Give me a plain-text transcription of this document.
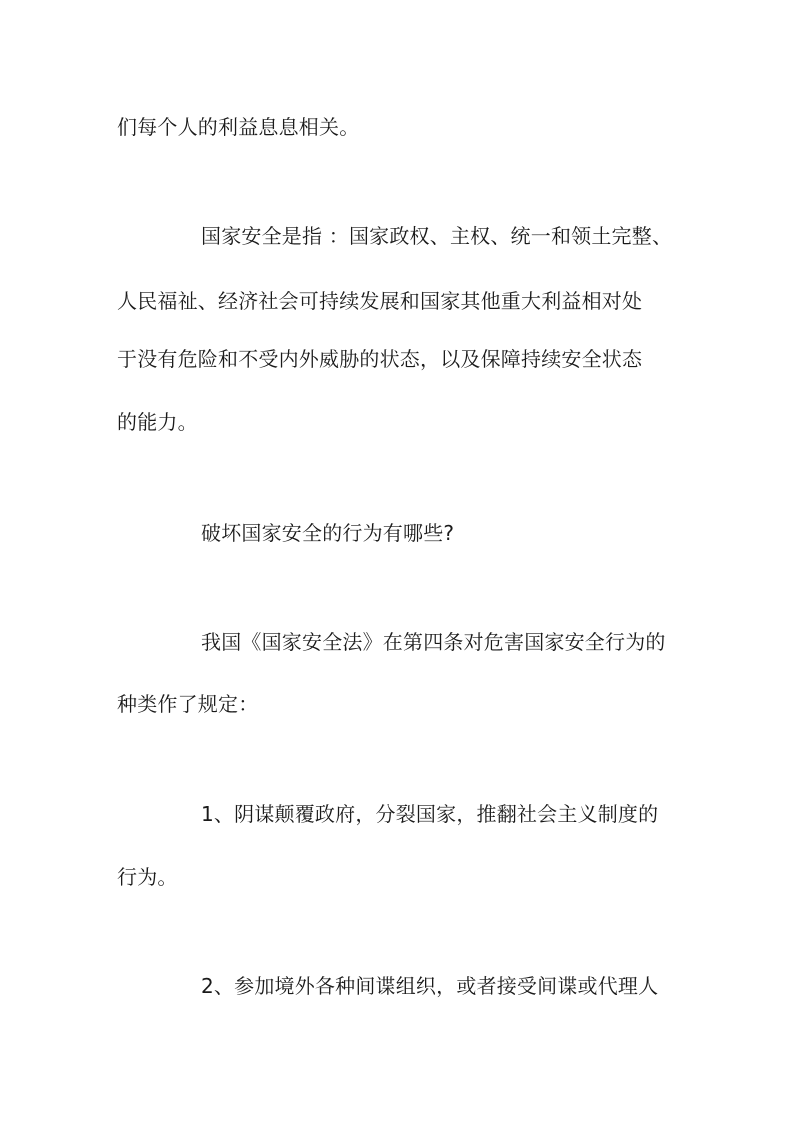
们每个人的利益息息相关。
国家安全是指 ：国家政权、主权、统一和领土完整、
人民福祉、经济社会可持续发展和国家其他重大利益相对处
于没有危险和不受内外威胁的状态，以及保障持续安全状态
的能力。
破坏国家安全的行为有哪些?
我国《国家安全法》在第四条对危害国家安全行为的
种类作了规定：
1、阴谋颠覆政府，分裂国家，推翻社会主义制度的
行为。
2、参加境外各种间谍组织，或者接受间谍或代理人
